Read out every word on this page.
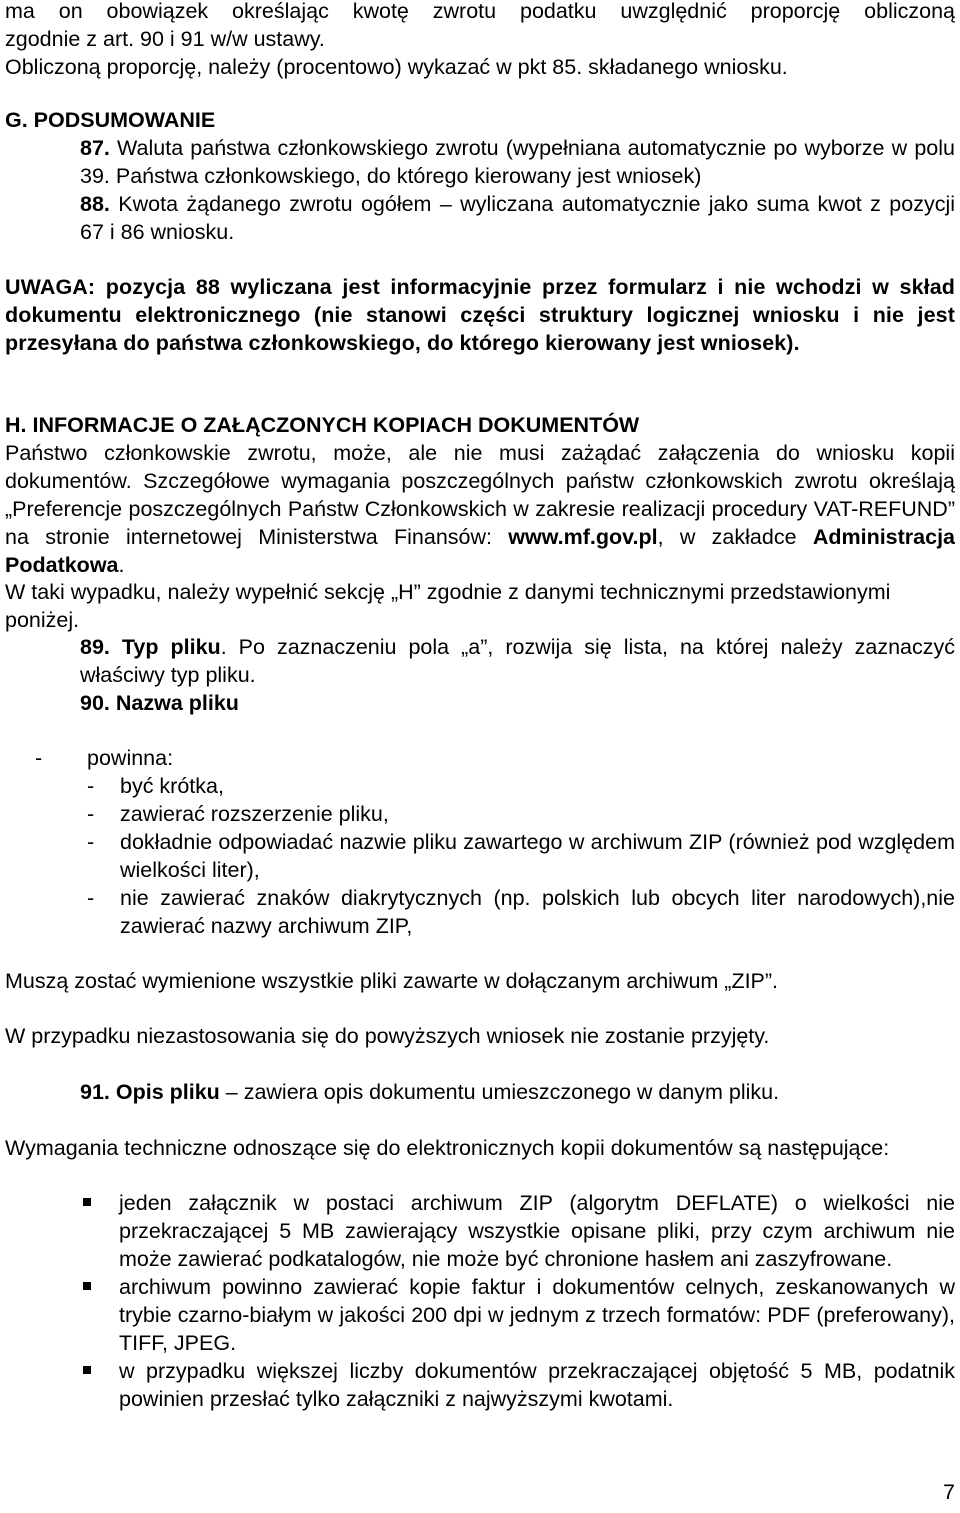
ma on obowiązek określając kwotę zwrotu podatku uwzględnić proporcję obliczoną

zgodnie z art. 90 i 91 w/w ustawy.

Obliczoną proporcję, należy (procentowo) wykazać w pkt 85. składanego wniosku.

G. PODSUMOWANIE

87. Waluta państwa członkowskiego zwrotu (wypełniana automatycznie po wyborze w polu 39. Państwa członkowskiego, do którego kierowany jest wniosek)

88. Kwota żądanego zwrotu ogółem – wyliczana automatycznie jako suma kwot z pozycji 67 i 86 wniosku.

UWAGA: pozycja 88 wyliczana jest informacyjnie przez formularz i nie wchodzi w skład dokumentu elektronicznego (nie stanowi części struktury logicznej wniosku i nie jest przesyłana do państwa członkowskiego, do którego kierowany jest wniosek).

H. INFORMACJE O ZAŁĄCZONYCH KOPIACH DOKUMENTÓW

Państwo członkowskie zwrotu, może, ale nie musi zażądać załączenia do wniosku kopii dokumentów. Szczegółowe wymagania poszczególnych państw członkowskich zwrotu określają „Preferencje poszczególnych Państw Członkowskich w zakresie realizacji procedury VAT-REFUND” na stronie internetowej Ministerstwa Finansów: www.mf.gov.pl, w zakładce Administracja Podatkowa.

W taki wypadku, należy wypełnić sekcję „H” zgodnie z danymi technicznymi przedstawionymi poniżej.

89. Typ pliku. Po zaznaczeniu pola „a”, rozwija się lista, na której należy zaznaczyć właściwy typ pliku.

90. Nazwa pliku

- powinna:
- być krótka,
- zawierać rozszerzenie pliku,
- dokładnie odpowiadać nazwie pliku zawartego w archiwum ZIP (również pod względem wielkości liter),
- nie zawierać znaków diakrytycznych (np. polskich lub obcych liter narodowych),nie zawierać nazwy archiwum ZIP,

Muszą zostać wymienione wszystkie pliki zawarte w dołączanym archiwum „ZIP”.

W przypadku niezastosowania się do powyższych wniosek nie zostanie przyjęty.

91. Opis pliku – zawiera opis dokumentu umieszczonego w danym pliku.

Wymagania techniczne odnoszące się do elektronicznych kopii dokumentów są następujące:

jeden załącznik w postaci archiwum ZIP (algorytm DEFLATE) o wielkości nie przekraczającej 5 MB zawierający wszystkie opisane pliki, przy czym archiwum nie może zawierać podkatalogów, nie może być chronione hasłem ani zaszyfrowane.
archiwum powinno zawierać kopie faktur i dokumentów celnych, zeskanowanych w trybie czarno-białym w jakości 200 dpi w jednym z trzech formatów: PDF (preferowany), TIFF, JPEG.
w przypadku większej liczby dokumentów przekraczającej objętość 5 MB, podatnik powinien przesłać tylko załączniki z najwyższymi kwotami.
7
